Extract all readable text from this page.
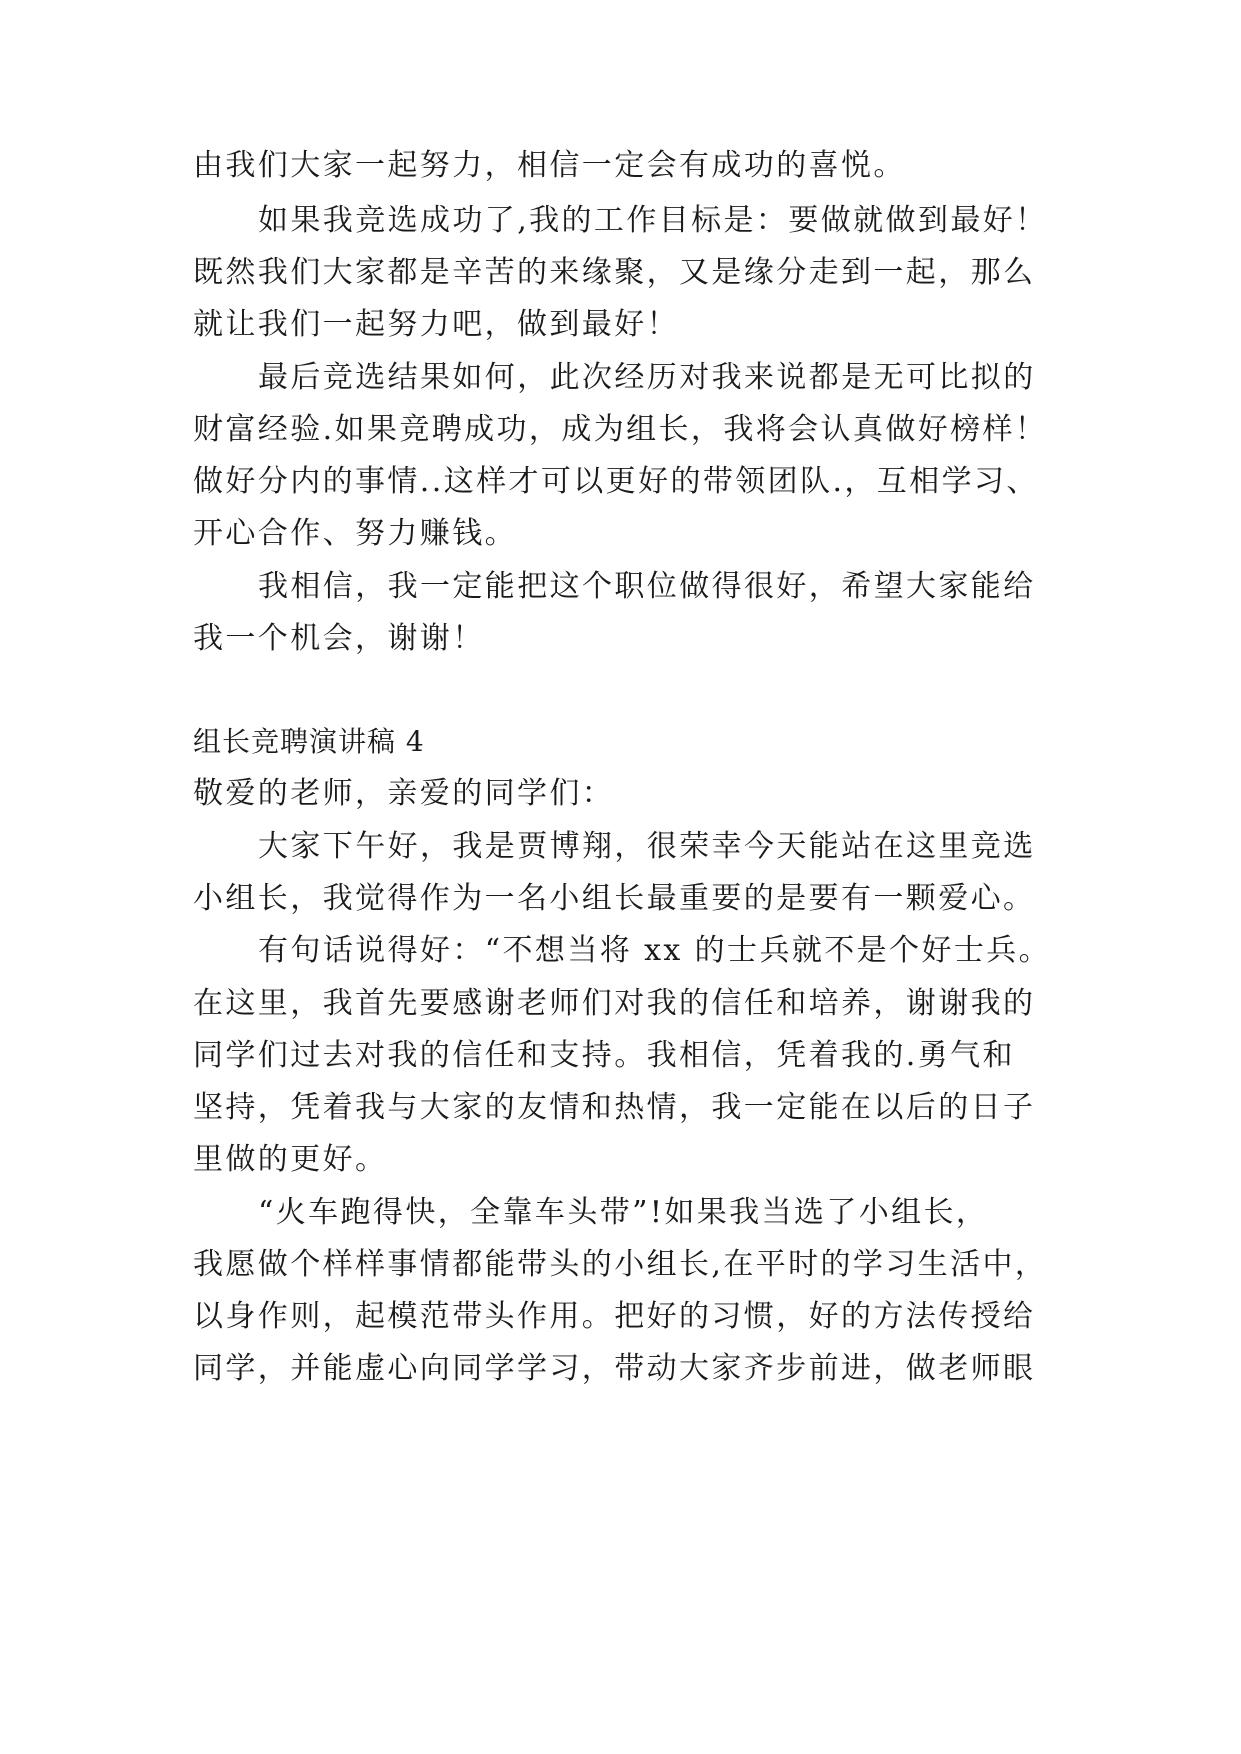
由我们大家一起努力，相信一定会有成功的喜悦。
如果我竞选成功了,我的工作目标是：要做就做到最好！
既然我们大家都是辛苦的来缘聚，又是缘分走到一起，那么
就让我们一起努力吧，做到最好！
最后竞选结果如何，此次经历对我来说都是无可比拟的
财富经验.如果竞聘成功，成为组长，我将会认真做好榜样！
做好分内的事情..这样才可以更好的带领团队.，互相学习、
开心合作、努力赚钱。
我相信，我一定能把这个职位做得很好，希望大家能给
我一个机会，谢谢！
组长竞聘演讲稿 4
敬爱的老师，亲爱的同学们：
大家下午好，我是贾博翔，很荣幸今天能站在这里竞选
小组长，我觉得作为一名小组长最重要的是要有一颗爱心。
有句话说得好：“不想当将 xx 的士兵就不是个好士兵。
在这里，我首先要感谢老师们对我的信任和培养，谢谢我的
同学们过去对我的信任和支持。我相信，凭着我的.勇气和
坚持，凭着我与大家的友情和热情，我一定能在以后的日子
里做的更好。
“火车跑得快，全靠车头带”!如果我当选了小组长，
我愿做个样样事情都能带头的小组长,在平时的学习生活中，
以身作则，起模范带头作用。把好的习惯，好的方法传授给
同学，并能虚心向同学学习，带动大家齐步前进，做老师眼
